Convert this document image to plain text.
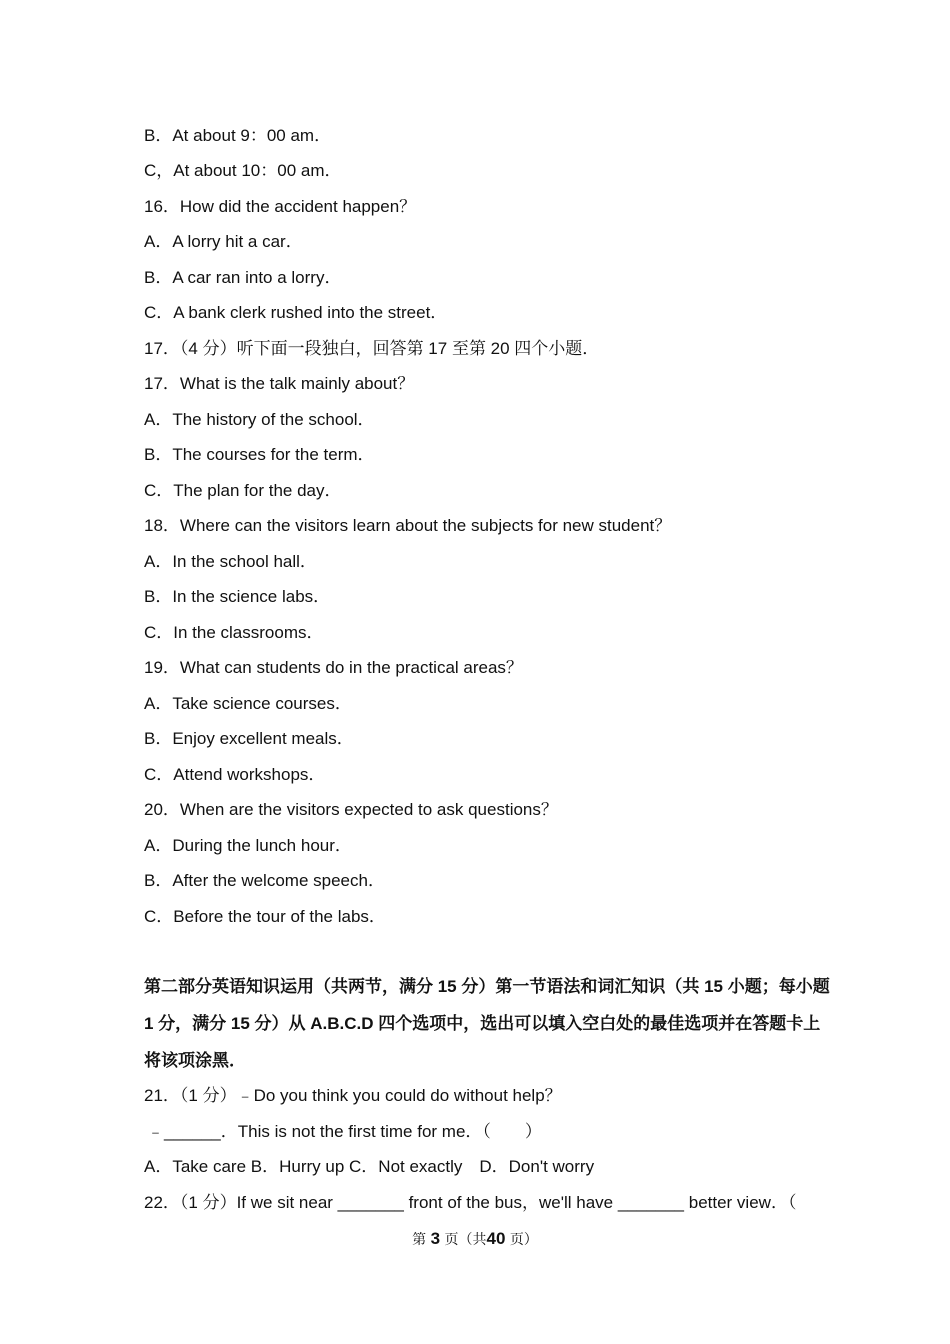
B．At about 9：00 am．
C，At about 10：00 am．
16．How did the accident happen？
A．A lorry hit a car．
B．A car ran into a lorry．
C．A bank clerk rushed into the street．
17．（4 分）听下面一段独白，回答第 17 至第 20 四个小题．
17．What is the talk mainly about？
A．The history of the school．
B．The courses for the term．
C．The plan for the day．
18．Where can the visitors learn about the subjects for new student？
A．In the school hall．
B．In the science labs．
C．In the classrooms．
19．What can students do in the practical areas？
A．Take science courses．
B．Enjoy excellent meals．
C．Attend workshops．
20．When are the visitors expected to ask questions？
A．During the lunch hour．
B．After the welcome speech．
C．Before the tour of the labs．
第二部分英语知识运用（共两节，满分 15 分）第一节语法和词汇知识（共 15 小题；每小题 1 分，满分 15 分）从 A.B.C.D 四个选项中，选出可以填入空白处的最佳选项并在答题卡上将该项涂黑．
21．（1 分）﹣Do you think you could do without help？
﹣______．This is not the first time for me．（　　）
A．Take care B．Hurry up C．Not exactly　D．Don't worry
22．（1 分）If we sit near _______ front of the bus，we'll have _______ better view．（
第 3 页（共40 页）
